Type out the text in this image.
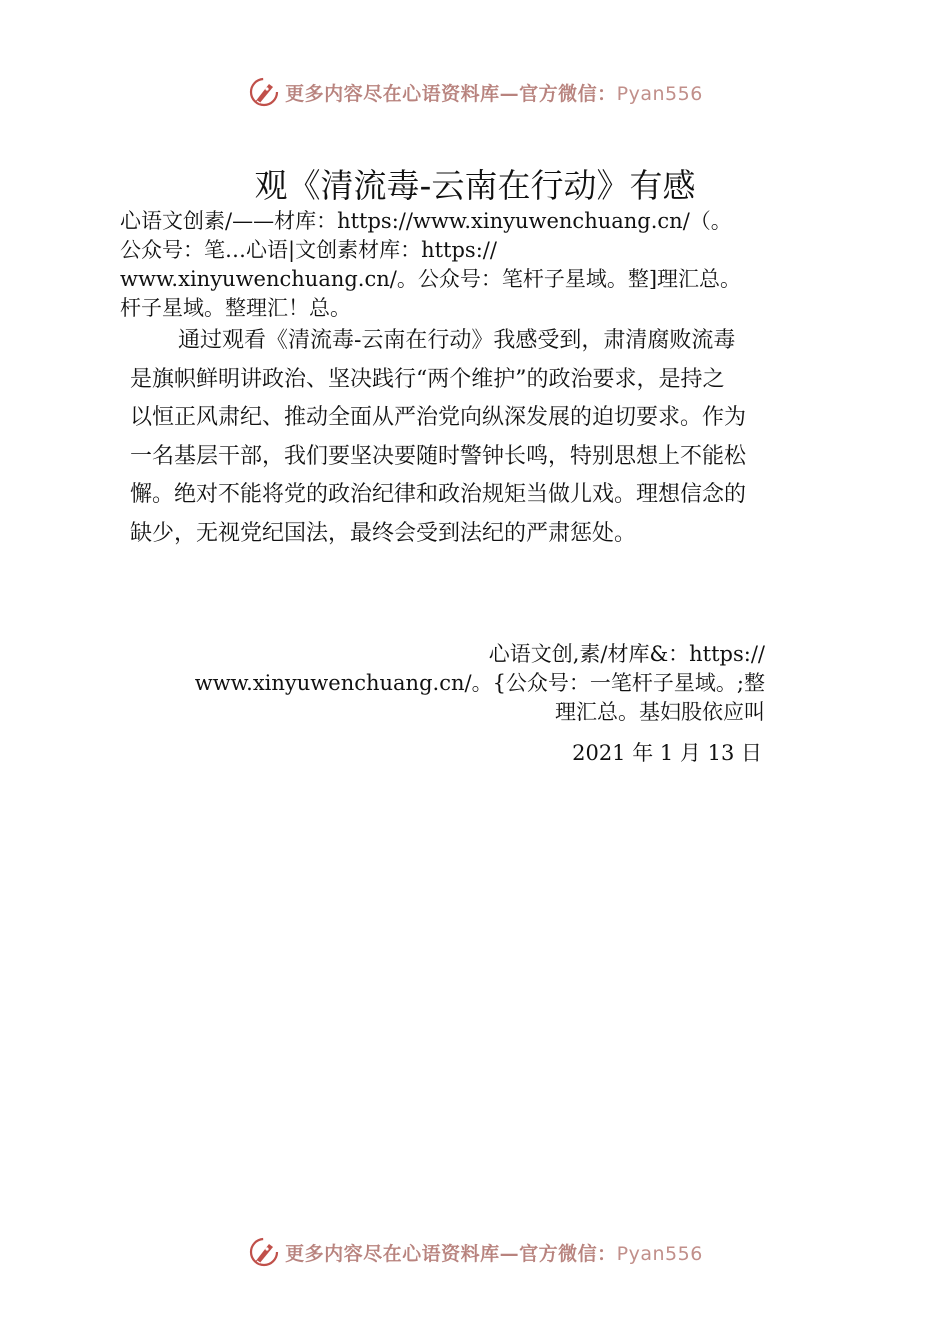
更多内容尽在心语资料库—官方微信：Pyan556
观《清流毒-云南在行动》有感
心语文创素/——材库：https://www.xinyuwenchuang.cn/（。
公众号：笔…心语|文创素材库：https://
www.xinyuwenchuang.cn/。公众号：笔杆子星域。整]理汇总。
杆子星域。整理汇！总。
通过观看《清流毒-云南在行动》我感受到，肃清腐败流毒
是旗帜鲜明讲政治、坚决践行“两个维护”的政治要求，是持之
以恒正风肃纪、推动全面从严治党向纵深发展的迫切要求。作为
一名基层干部，我们要坚决要随时警钟长鸣，特别思想上不能松
懈。绝对不能将党的政治纪律和政治规矩当做儿戏。理想信念的
缺少，无视党纪国法，最终会受到法纪的严肃惩处。
心语文创,素/材库&：https://
www.xinyuwenchuang.cn/。{公众号：一笔杆子星域。;整
理汇总。基妇股依应叫
2021 年 1 月 13 日
更多内容尽在心语资料库—官方微信：Pyan556
